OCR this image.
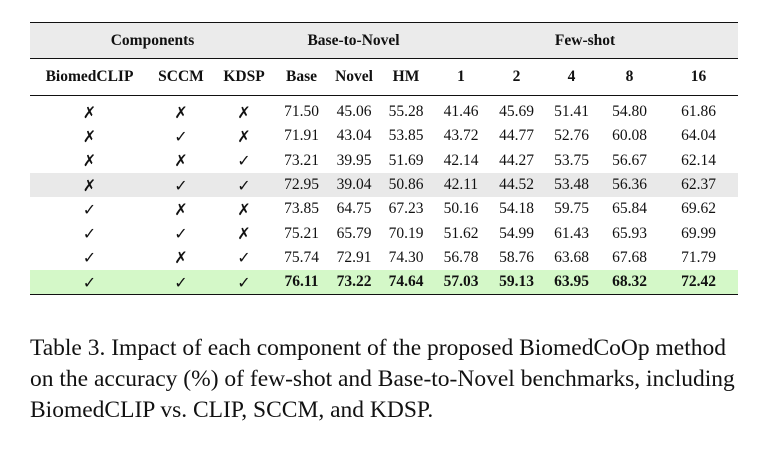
Components			Base-to-Novel			Few-shot				
BiomedCLIP	SCCM	KDSP	Base	Novel	HM	1	2	4	8	16
✗	✗	✗	71.50	45.06	55.28	41.46	45.69	51.41	54.80	61.86
✗	✓	✗	71.91	43.04	53.85	43.72	44.77	52.76	60.08	64.04
✗	✗	✓	73.21	39.95	51.69	42.14	44.27	53.75	56.67	62.14
✗	✓	✓	72.95	39.04	50.86	42.11	44.52	53.48	56.36	62.37
✓	✗	✗	73.85	64.75	67.23	50.16	54.18	59.75	65.84	69.62
✓	✓	✗	75.21	65.79	70.19	51.62	54.99	61.43	65.93	69.99
✓	✗	✓	75.74	72.91	74.30	56.78	58.76	63.68	67.68	71.79
✓	✓	✓	76.11	73.22	74.64	57.03	59.13	63.95	68.32	72.42
Table 3. Impact of each component of the proposed BiomedCoOp method on the accuracy (%) of few-shot and Base-to-Novel benchmarks, including BiomedCLIP vs. CLIP, SCCM, and KDSP.
